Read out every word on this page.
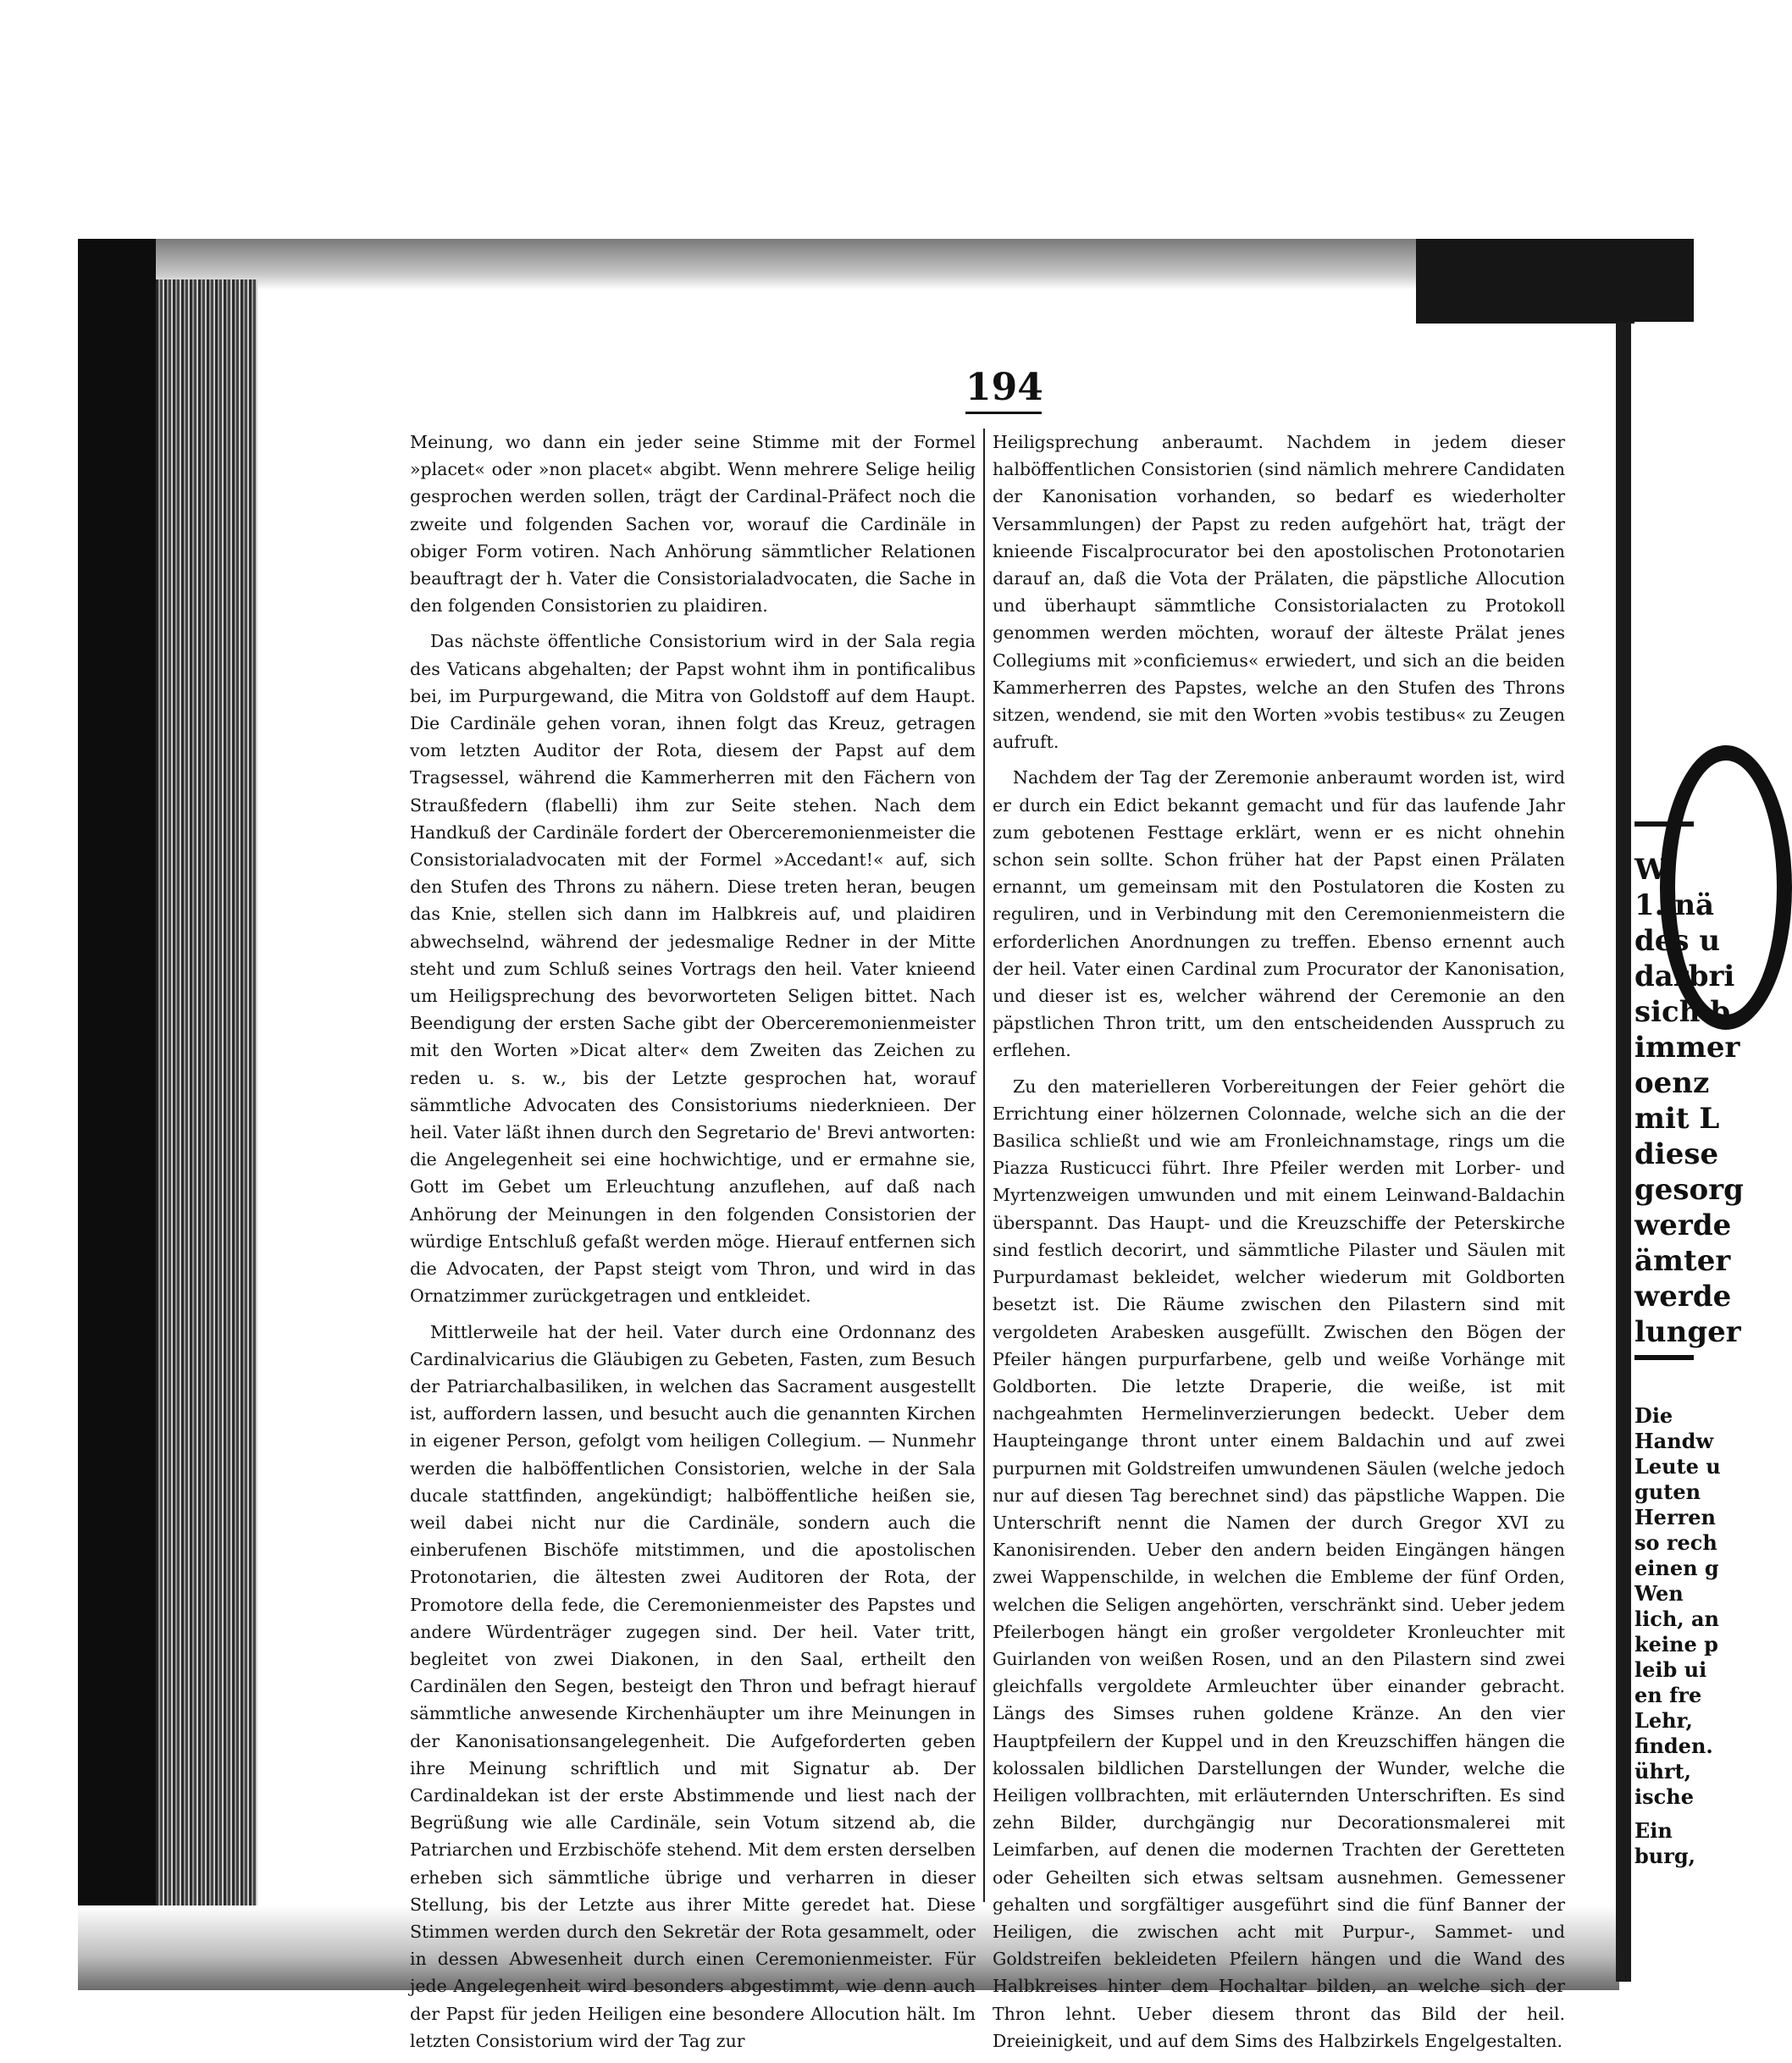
W
1. nä
des u
darbri
sich b
immer
oenz
mit L
diese
gesorg
werde
ämter
werde
lunger
Die
Handw
Leute u
guten
Herren
so rech
einen g
Wen
lich, an
keine p
leib ui
en fre
Lehr,
finden.
ührt,
ische
Ein
burg,
194

Meinung, wo dann ein jeder seine Stimme mit der Formel »placet« oder »non placet« abgibt. Wenn mehrere Selige heilig gesprochen werden sollen, trägt der Cardinal-Präfect noch die zweite und folgenden Sachen vor, worauf die Cardinäle in obiger Form votiren. Nach Anhörung sämmtlicher Relationen beauftragt der h. Vater die Consistorialadvocaten, die Sache in den folgenden Consistorien zu plaidiren.

Das nächste öffentliche Consistorium wird in der Sala regia des Vaticans abgehalten; der Papst wohnt ihm in pontificalibus bei, im Purpurgewand, die Mitra von Goldstoff auf dem Haupt. Die Cardinäle gehen voran, ihnen folgt das Kreuz, getragen vom letzten Auditor der Rota, diesem der Papst auf dem Tragsessel, während die Kammerherren mit den Fächern von Straußfedern (flabelli) ihm zur Seite stehen. Nach dem Handkuß der Cardinäle fordert der Oberceremonienmeister die Consistorialadvocaten mit der Formel »Accedant!« auf, sich den Stufen des Throns zu nähern. Diese treten heran, beugen das Knie, stellen sich dann im Halbkreis auf, und plaidiren abwechselnd, während der jedesmalige Redner in der Mitte steht und zum Schluß seines Vortrags den heil. Vater knieend um Heiligsprechung des bevorworteten Seligen bittet. Nach Beendigung der ersten Sache gibt der Oberceremonienmeister mit den Worten »Dicat alter« dem Zweiten das Zeichen zu reden u. s. w., bis der Letzte gesprochen hat, worauf sämmtliche Advocaten des Consistoriums niederknieen. Der heil. Vater läßt ihnen durch den Segretario de' Brevi antworten: die Angelegenheit sei eine hochwichtige, und er ermahne sie, Gott im Gebet um Erleuchtung anzuflehen, auf daß nach Anhörung der Meinungen in den folgenden Consistorien der würdige Entschluß gefaßt werden möge. Hierauf entfernen sich die Advocaten, der Papst steigt vom Thron, und wird in das Ornatzimmer zurückgetragen und entkleidet.

Mittlerweile hat der heil. Vater durch eine Ordonnanz des Cardinalvicarius die Gläubigen zu Gebeten, Fasten, zum Besuch der Patriarchalbasiliken, in welchen das Sacrament ausgestellt ist, auffordern lassen, und besucht auch die genannten Kirchen in eigener Person, gefolgt vom heiligen Collegium. — Nunmehr werden die halböffentlichen Consistorien, welche in der Sala ducale stattfinden, angekündigt; halböffentliche heißen sie, weil dabei nicht nur die Cardinäle, sondern auch die einberufenen Bischöfe mitstimmen, und die apostolischen Protonotarien, die ältesten zwei Auditoren der Rota, der Promotore della fede, die Ceremonienmeister des Papstes und andere Würdenträger zugegen sind. Der heil. Vater tritt, begleitet von zwei Diakonen, in den Saal, ertheilt den Cardinälen den Segen, besteigt den Thron und befragt hierauf sämmtliche anwesende Kirchenhäupter um ihre Meinungen in der Kanonisationsangelegenheit. Die Aufgeforderten geben ihre Meinung schriftlich und mit Signatur ab. Der Cardinaldekan ist der erste Abstimmende und liest nach der Begrüßung wie alle Cardinäle, sein Votum sitzend ab, die Patriarchen und Erzbischöfe stehend. Mit dem ersten derselben erheben sich sämmtliche übrige und verharren in dieser Stellung, bis der Letzte aus ihrer Mitte geredet hat. Diese Stimmen werden durch den Sekretär der Rota gesammelt, oder in dessen Abwesenheit durch einen Ceremonienmeister. Für jede Angelegenheit wird besonders abgestimmt, wie denn auch der Papst für jeden Heiligen eine besondere Allocution hält. Im letzten Consistorium wird der Tag zur

Heiligsprechung anberaumt. Nachdem in jedem dieser halböffentlichen Consistorien (sind nämlich mehrere Candidaten der Kanonisation vorhanden, so bedarf es wiederholter Versammlungen) der Papst zu reden aufgehört hat, trägt der knieende Fiscalprocurator bei den apostolischen Protonotarien darauf an, daß die Vota der Prälaten, die päpstliche Allocution und überhaupt sämmtliche Consistorialacten zu Protokoll genommen werden möchten, worauf der älteste Prälat jenes Collegiums mit »conficiemus« erwiedert, und sich an die beiden Kammerherren des Papstes, welche an den Stufen des Throns sitzen, wendend, sie mit den Worten »vobis testibus« zu Zeugen aufruft.

Nachdem der Tag der Zeremonie anberaumt worden ist, wird er durch ein Edict bekannt gemacht und für das laufende Jahr zum gebotenen Festtage erklärt, wenn er es nicht ohnehin schon sein sollte. Schon früher hat der Papst einen Prälaten ernannt, um gemeinsam mit den Postulatoren die Kosten zu reguliren, und in Verbindung mit den Ceremonienmeistern die erforderlichen Anordnungen zu treffen. Ebenso ernennt auch der heil. Vater einen Cardinal zum Procurator der Kanonisation, und dieser ist es, welcher während der Ceremonie an den päpstlichen Thron tritt, um den entscheidenden Ausspruch zu erflehen.

Zu den materielleren Vorbereitungen der Feier gehört die Errichtung einer hölzernen Colonnade, welche sich an die der Basilica schließt und wie am Fronleichnamstage, rings um die Piazza Rusticucci führt. Ihre Pfeiler werden mit Lorber- und Myrtenzweigen umwunden und mit einem Leinwand-Baldachin überspannt. Das Haupt- und die Kreuzschiffe der Peterskirche sind festlich decorirt, und sämmtliche Pilaster und Säulen mit Purpurdamast bekleidet, welcher wiederum mit Goldborten besetzt ist. Die Räume zwischen den Pilastern sind mit vergoldeten Arabesken ausgefüllt. Zwischen den Bögen der Pfeiler hängen purpurfarbene, gelb und weiße Vorhänge mit Goldborten. Die letzte Draperie, die weiße, ist mit nachgeahmten Hermelinverzierungen bedeckt. Ueber dem Haupteingange thront unter einem Baldachin und auf zwei purpurnen mit Goldstreifen umwundenen Säulen (welche jedoch nur auf diesen Tag berechnet sind) das päpstliche Wappen. Die Unterschrift nennt die Namen der durch Gregor XVI zu Kanonisirenden. Ueber den andern beiden Eingängen hängen zwei Wappenschilde, in welchen die Embleme der fünf Orden, welchen die Seligen angehörten, verschränkt sind. Ueber jedem Pfeilerbogen hängt ein großer vergoldeter Kronleuchter mit Guirlanden von weißen Rosen, und an den Pilastern sind zwei gleichfalls vergoldete Armleuchter über einander gebracht. Längs des Simses ruhen goldene Kränze. An den vier Hauptpfeilern der Kuppel und in den Kreuzschiffen hängen die kolossalen bildlichen Darstellungen der Wunder, welche die Heiligen vollbrachten, mit erläuternden Unterschriften. Es sind zehn Bilder, durchgängig nur Decorationsmalerei mit Leimfarben, auf denen die modernen Trachten der Geretteten oder Geheilten sich etwas seltsam ausnehmen. Gemessener gehalten und sorgfältiger ausgeführt sind die fünf Banner der Heiligen, die zwischen acht mit Purpur-, Sammet- und Goldstreifen bekleideten Pfeilern hängen und die Wand des Halbkreises hinter dem Hochaltar bilden, an welche sich der Thron lehnt. Ueber diesem thront das Bild der heil. Dreieinigkeit, und auf dem Sims des Halbzirkels Engelgestalten.
